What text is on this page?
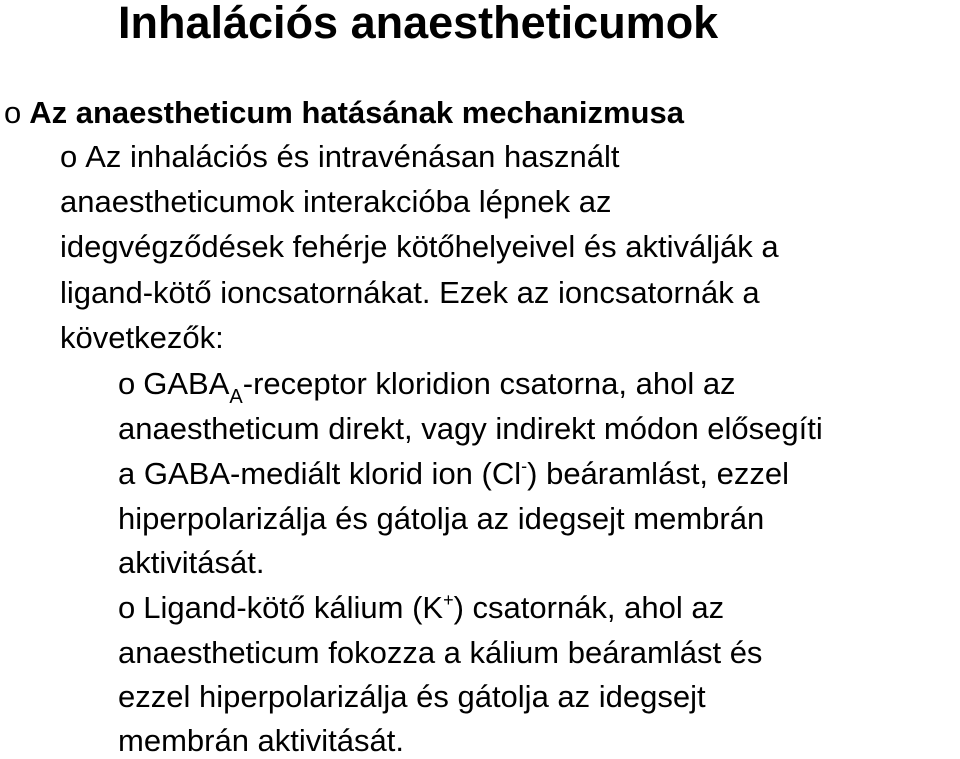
Inhalációs anaestheticumok
o Az anaestheticum hatásának mechanizmusa
o Az inhalációs és intravénásan használt
anaestheticumok interakcióba lépnek az
idegvégződések fehérje kötőhelyeivel és aktiválják a
ligand-kötő ioncsatornákat. Ezek az ioncsatornák a
következők:
o $GABA_A$-receptor kloridion csatorna, ahol az
anaestheticum direkt, vagy indirekt módon elősegíti
a GABA-mediált klorid ion (Cl-) beáramlást, ezzel
hiperpolarizálja és gátolja az idegsejt membrán
aktivitását.
o Ligand-kötő kálium (K+) csatornák, ahol az
anaestheticum fokozza a kálium beáramlást és
ezzel hiperpolarizálja és gátolja az idegsejt
membrán aktivitását.
